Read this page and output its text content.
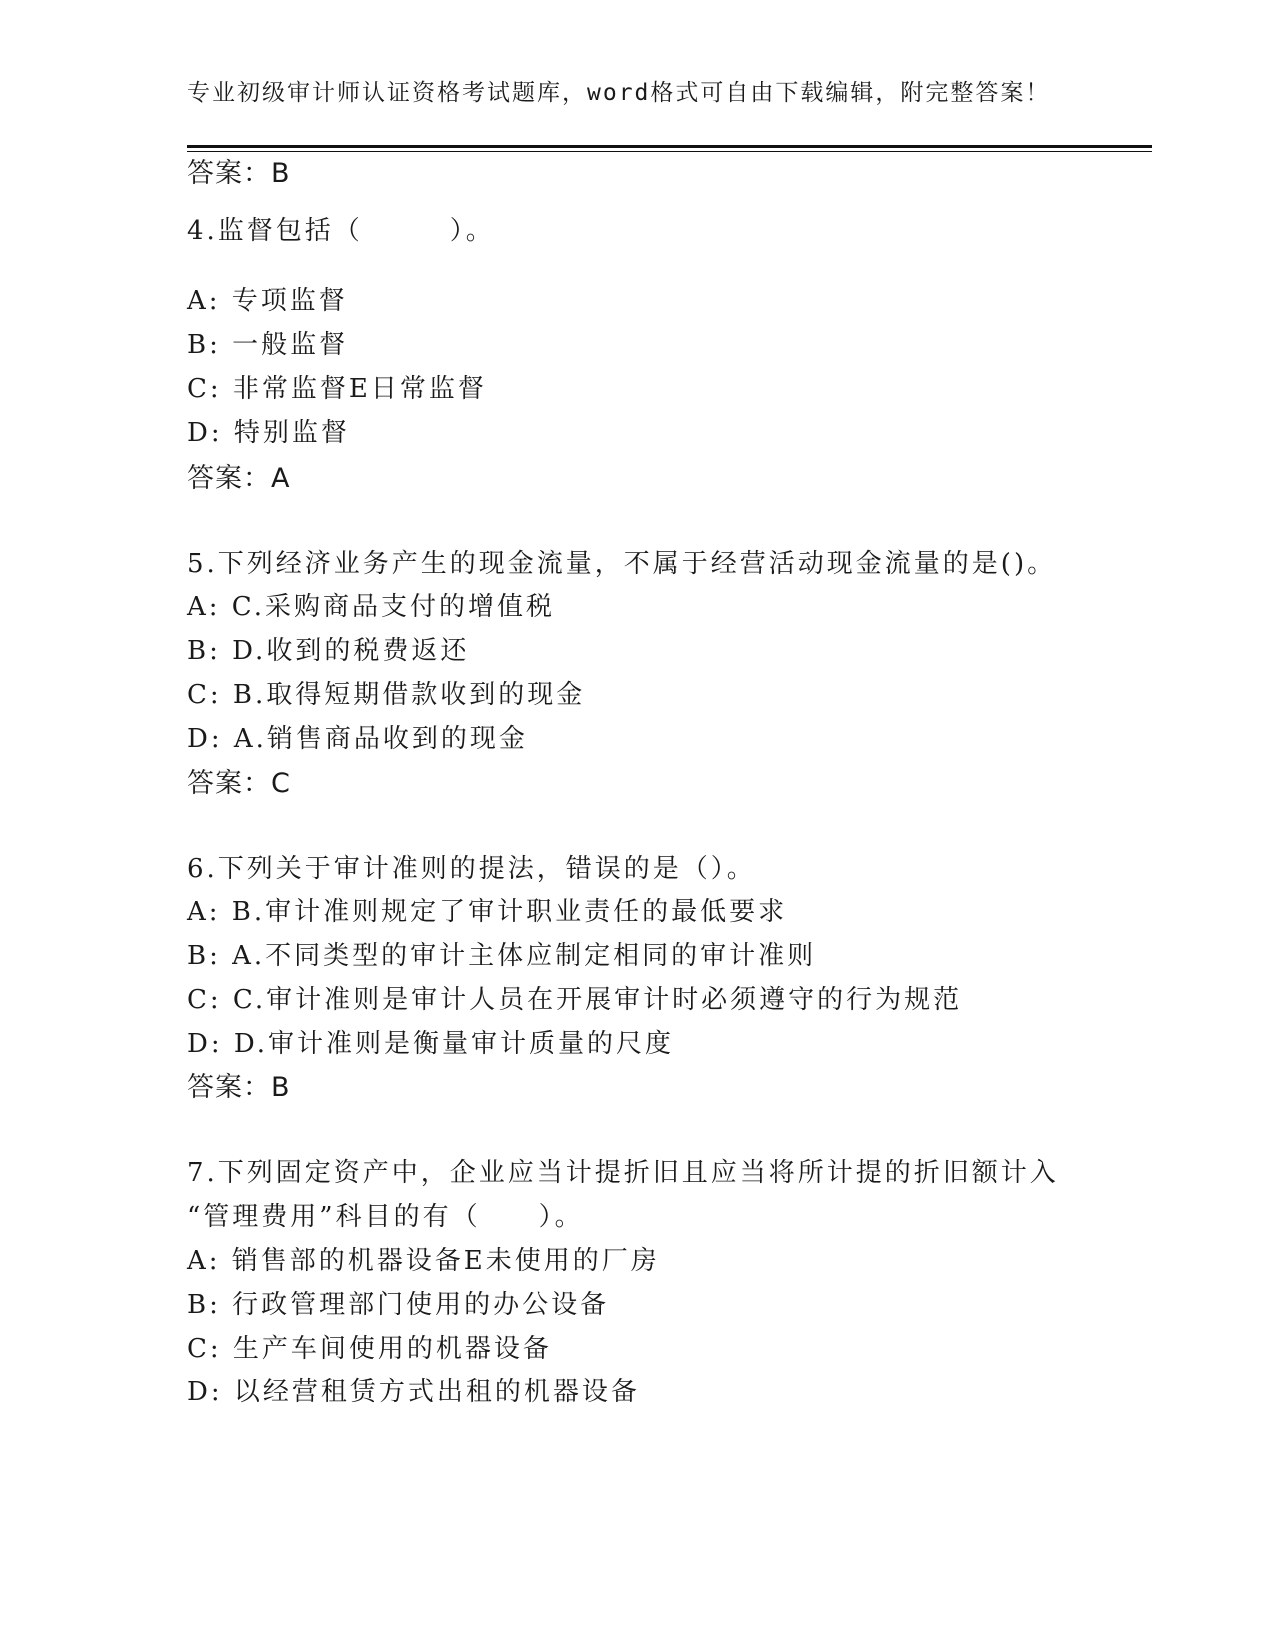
专业初级审计师认证资格考试题库，word格式可自由下载编辑，附完整答案！
答案：B
4.监督包括（　　　）。
A: 专项监督
B: 一般监督
C: 非常监督E日常监督
D: 特别监督
答案：A
5.下列经济业务产生的现金流量，不属于经营活动现金流量的是()。
A: C.采购商品支付的增值税
B: D.收到的税费返还
C: B.取得短期借款收到的现金
D: A.销售商品收到的现金
答案：C
6.下列关于审计准则的提法，错误的是（）。
A: B.审计准则规定了审计职业责任的最低要求
B: A.不同类型的审计主体应制定相同的审计准则
C: C.审计准则是审计人员在开展审计时必须遵守的行为规范
D: D.审计准则是衡量审计质量的尺度
答案：B
7.下列固定资产中，企业应当计提折旧且应当将所计提的折旧额计入
“管理费用”科目的有（　　）。
A: 销售部的机器设备E未使用的厂房
B: 行政管理部门使用的办公设备
C: 生产车间使用的机器设备
D: 以经营租赁方式出租的机器设备
